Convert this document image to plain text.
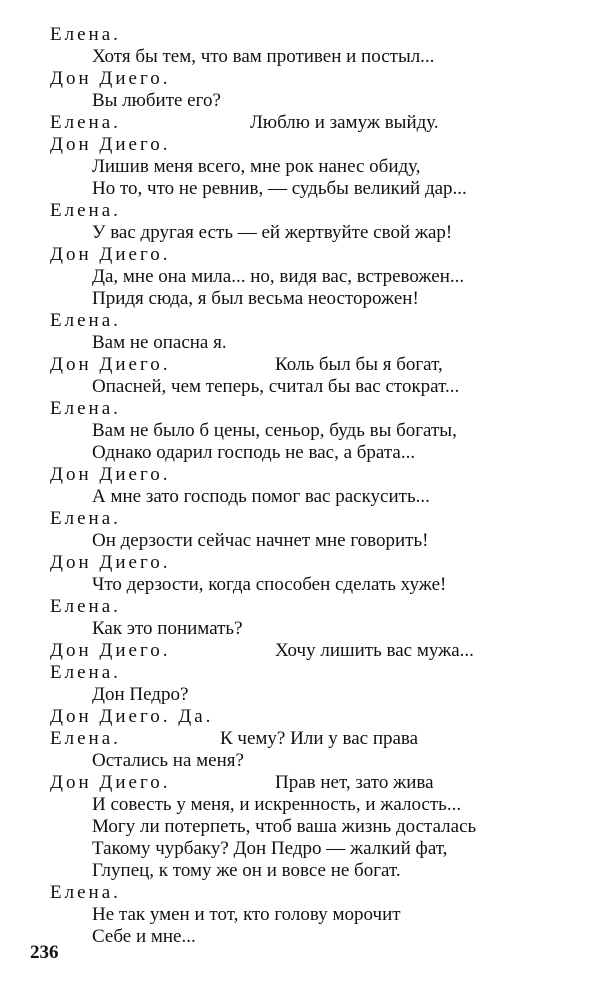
Елена.
Хотя бы тем, что вам противен и постыл...
Дон Диего.
Вы любите его?
Елена.	Люблю и замуж выйду.
Дон Диего.
Лишив меня всего, мне рок нанес обиду,
Но то, что не ревнив, — судьбы великий дар...
Елена.
У вас другая есть — ей жертвуйте свой жар!
Дон Диего.
Да, мне она мила... но, видя вас, встревожен...
Придя сюда, я был весьма неосторожен!
Елена.
Вам не опасна я.
Дон Диего.	Коль был бы я богат,
Опасней, чем теперь, считал бы вас стократ...
Елена.
Вам не было б цены, сеньор, будь вы богаты,
Однако одарил господь не вас, а брата...
Дон Диего.
А мне зато господь помог вас раскусить...
Елена.
Он дерзости сейчас начнет мне говорить!
Дон Диего.
Что дерзости, когда способен сделать хуже!
Елена.
Как это понимать?
Дон Диего.	Хочу лишить вас мужа...
Елена.
Дон Педро?
Дон Диего. Да.
Елена.	К чему? Или у вас права
Остались на меня?
Дон Диего.	Прав нет, зато жива
И совесть у меня, и искренность, и жалость...
Могу ли потерпеть, чтоб ваша жизнь досталась
Такому чурбаку? Дон Педро — жалкий фат,
Глупец, к тому же он и вовсе не богат.
Елена.
Не так умен и тот, кто голову морочит
Себе и мне...
236
